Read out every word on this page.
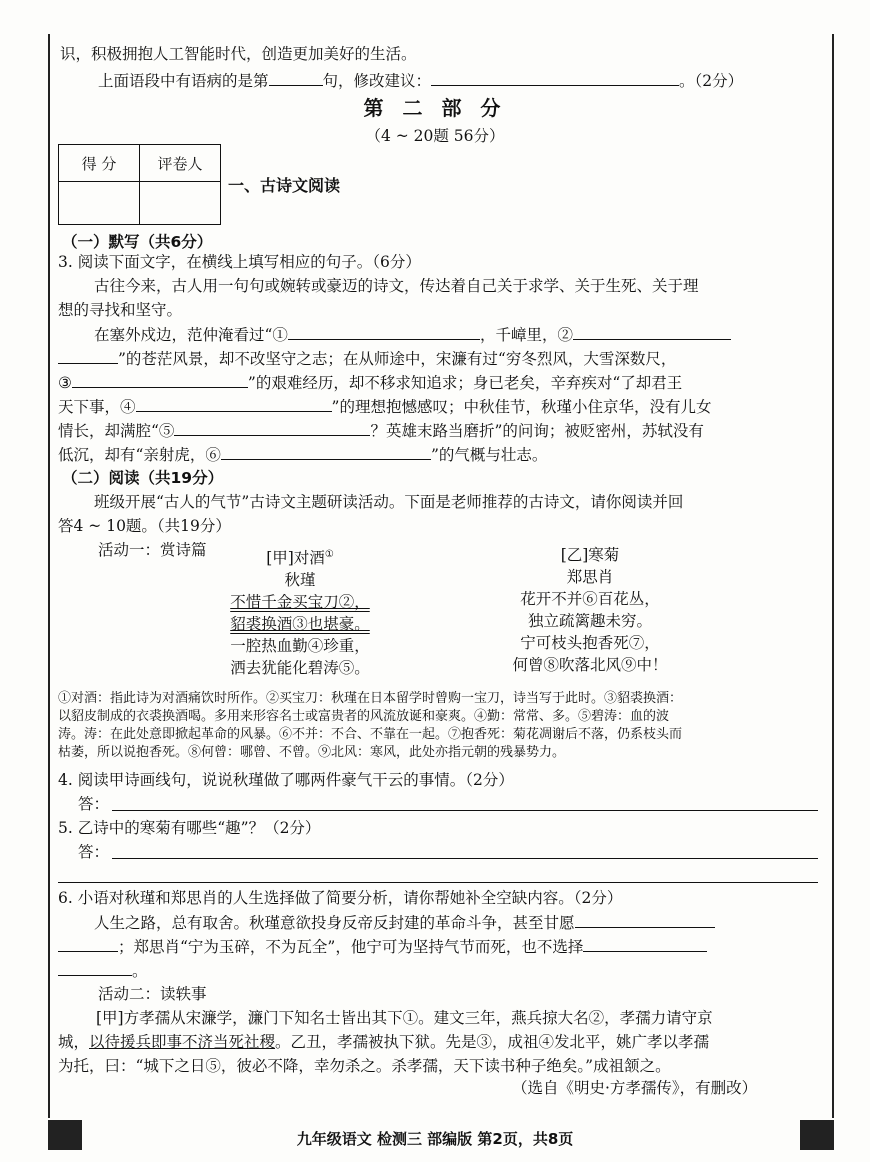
识，积极拥抱人工智能时代，创造更加美好的生活。
上面语段中有语病的是第	句，修改建议：	。（2分）
第 二 部 分
（4 ~ 20题 56分）
得 分	评卷人

一、古诗文阅读
（一）默写（共6分）
3. 阅读下面文字，在横线上填写相应的句子。（6分）
古往今来，古人用一句句或婉转或豪迈的诗文，传达着自己关于求学、关于生死、关于理
想的寻找和坚守。
在塞外戍边，范仲淹看过“①	，千嶂里，②
”的苍茫风景，却不改坚守之志；在从师途中，宋濂有过“穷冬烈风，大雪深数尺，
③	”的艰难经历，却不移求知追求；身已老矣，辛弃疾对“了却君王
天下事，④	”的理想抱憾感叹；中秋佳节，秋瑾小住京华，没有儿女
情长，却满腔“⑤	？英雄末路当磨折”的问询；被贬密州，苏轼没有
低沉，却有“亲射虎，⑥	”的气概与壮志。
（二）阅读（共19分）
班级开展“古人的气节”古诗文主题研读活动。下面是老师推荐的古诗文，请你阅读并回
答4 ~ 10题。（共19分）
活动一：赏诗篇	[甲]对酒①
秋瑾
不惜千金买宝刀②，
貂裘换酒③也堪豪。
一腔热血勤④珍重，
洒去犹能化碧涛⑤。
[乙]寒菊
郑思肖
花开不并⑥百花丛，
独立疏篱趣未穷。
宁可枝头抱香死⑦，
何曾⑧吹落北风⑨中！
①对酒：指此诗为对酒痛饮时所作。②买宝刀：秋瑾在日本留学时曾购一宝刀，诗当写于此时。③貂裘换酒：
以貂皮制成的衣裘换酒喝。多用来形容名士或富贵者的风流放诞和豪爽。④勤：常常、多。⑤碧涛：血的波
涛。涛：在此处意即掀起革命的风暴。⑥不并：不合、不靠在一起。⑦抱香死：菊花凋谢后不落，仍系枝头而
枯萎，所以说抱香死。⑧何曾：哪曾、不曾。⑨北风：寒风，此处亦指元朝的残暴势力。
4. 阅读甲诗画线句，说说秋瑾做了哪两件豪气干云的事情。（2分）
答：
5. 乙诗中的寒菊有哪些“趣”？（2分）
答：
6. 小语对秋瑾和郑思肖的人生选择做了简要分析，请你帮她补全空缺内容。（2分）
人生之路，总有取舍。秋瑾意欲投身反帝反封建的革命斗争，甚至甘愿
；郑思肖“宁为玉碎，不为瓦全”，他宁可为坚持气节而死，也不选择
。
活动二：读轶事
[甲]方孝孺从宋濂学，濂门下知名士皆出其下①。建文三年，燕兵掠大名②，孝孺力请守京
城，以待援兵即事不济当死社稷。乙丑，孝孺被执下狱。先是③，成祖④发北平，姚广孝以孝孺
为托，曰：“城下之日⑤，彼必不降，幸勿杀之。杀孝孺，天下读书种子绝矣。”成祖颔之。
（选自《明史·方孝孺传》，有删改）
九年级语文 检测三 部编版 第2页，共8页
